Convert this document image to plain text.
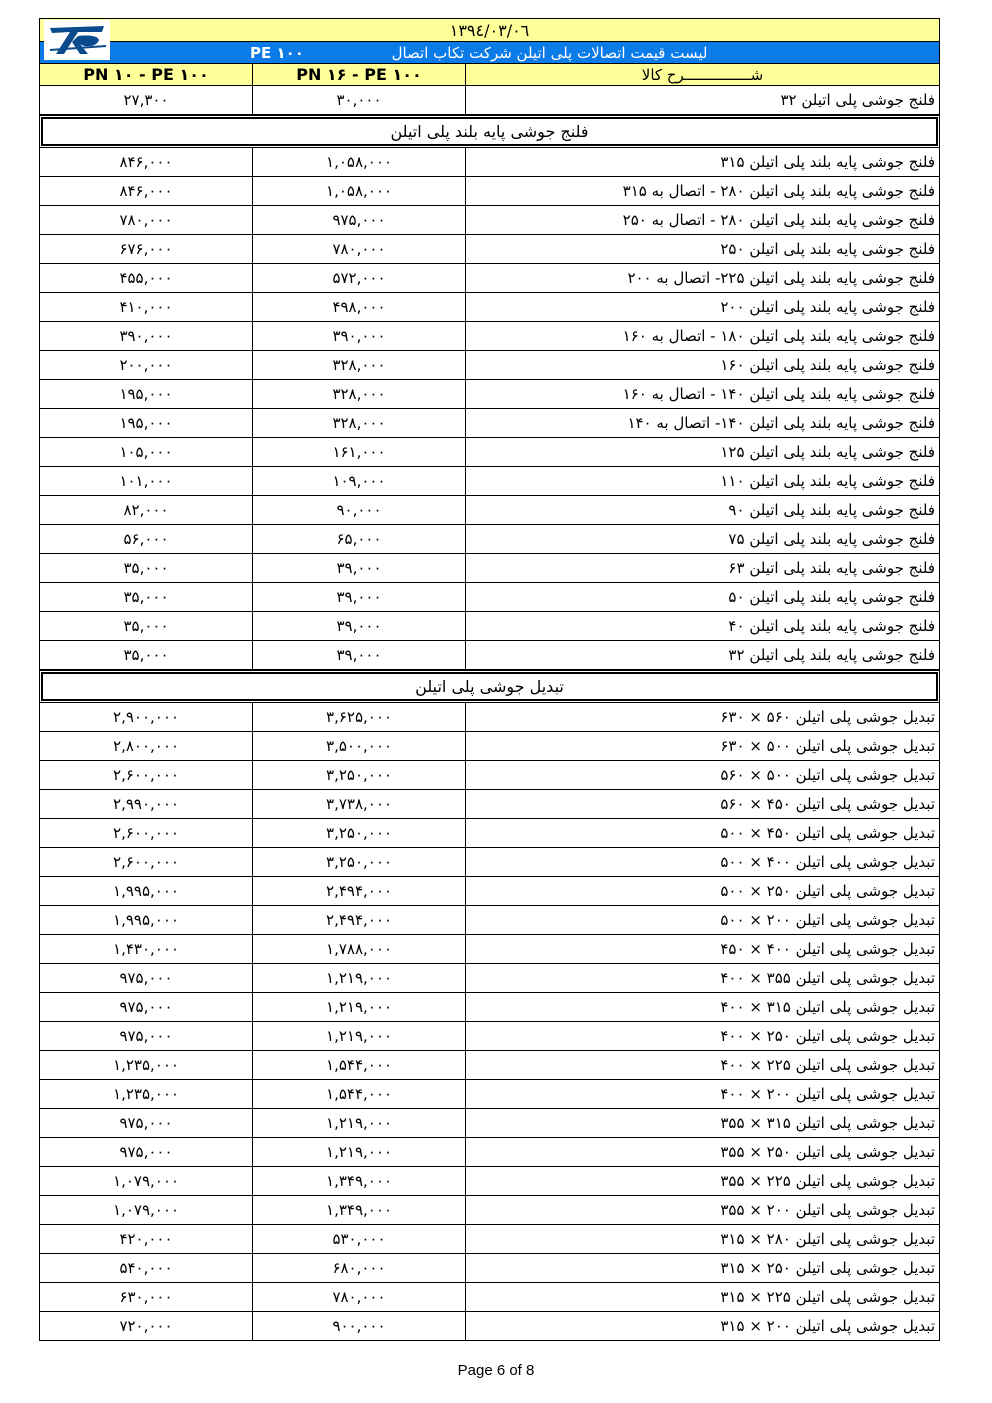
۱۳۹٤/۰۳/۰٦
PE ۱۰۰	لیست قیمت اتصالات پلی اتیلن شرکت تکاب اتصال
PN ۱۰ - PE ۱۰۰	PN ۱۶ - PE ۱۰۰	شـــــــــــــــرح کالا
۲۷,۳۰۰	۳۰,۰۰۰	فلنج جوشی پلی اتیلن ۳۲
فلنج جوشی پایه بلند پلی اتیلن
۸۴۶,۰۰۰	۱,۰۵۸,۰۰۰	فلنج جوشی پایه بلند پلی اتیلن ۳۱۵
۸۴۶,۰۰۰	۱,۰۵۸,۰۰۰	فلنج جوشی پایه بلند پلی اتیلن ۲۸۰ - اتصال به ۳۱۵
۷۸۰,۰۰۰	۹۷۵,۰۰۰	فلنج جوشی پایه بلند پلی اتیلن ۲۸۰ - اتصال به ۲۵۰
۶۷۶,۰۰۰	۷۸۰,۰۰۰	فلنج جوشی پایه بلند پلی اتیلن ۲۵۰
۴۵۵,۰۰۰	۵۷۲,۰۰۰	فلنج جوشی پایه بلند پلی اتیلن ۲۲۵- اتصال به ۲۰۰
۴۱۰,۰۰۰	۴۹۸,۰۰۰	فلنج جوشی پایه بلند پلی اتیلن ۲۰۰
۳۹۰,۰۰۰	۳۹۰,۰۰۰	فلنج جوشی پایه بلند پلی اتیلن ۱۸۰ - اتصال به ۱۶۰
۲۰۰,۰۰۰	۳۲۸,۰۰۰	فلنج جوشی پایه بلند پلی اتیلن ۱۶۰
۱۹۵,۰۰۰	۳۲۸,۰۰۰	فلنج جوشی پایه بلند پلی اتیلن ۱۴۰ - اتصال به ۱۶۰
۱۹۵,۰۰۰	۳۲۸,۰۰۰	فلنج جوشی پایه بلند پلی اتیلن ۱۴۰- اتصال به ۱۴۰
۱۰۵,۰۰۰	۱۶۱,۰۰۰	فلنج جوشی پایه بلند پلی اتیلن ۱۲۵
۱۰۱,۰۰۰	۱۰۹,۰۰۰	فلنج جوشی پایه بلند پلی اتیلن ۱۱۰
۸۲,۰۰۰	۹۰,۰۰۰	فلنج جوشی پایه بلند پلی اتیلن ۹۰
۵۶,۰۰۰	۶۵,۰۰۰	فلنج جوشی پایه بلند پلی اتیلن ۷۵
۳۵,۰۰۰	۳۹,۰۰۰	فلنج جوشی پایه بلند پلی اتیلن ۶۳
۳۵,۰۰۰	۳۹,۰۰۰	فلنج جوشی پایه بلند پلی اتیلن ۵۰
۳۵,۰۰۰	۳۹,۰۰۰	فلنج جوشی پایه بلند پلی اتیلن ۴۰
۳۵,۰۰۰	۳۹,۰۰۰	فلنج جوشی پایه بلند پلی اتیلن ۳۲
تبدیل جوشی پلی اتیلن
۲,۹۰۰,۰۰۰	۳,۶۲۵,۰۰۰	تبدیل جوشی پلی اتیلن ۵۶۰ × ۶۳۰
۲,۸۰۰,۰۰۰	۳,۵۰۰,۰۰۰	تبدیل جوشی پلی اتیلن ۵۰۰ × ۶۳۰
۲,۶۰۰,۰۰۰	۳,۲۵۰,۰۰۰	تبدیل جوشی پلی اتیلن ۵۰۰ × ۵۶۰
۲,۹۹۰,۰۰۰	۳,۷۳۸,۰۰۰	تبدیل جوشی پلی اتیلن ۴۵۰ × ۵۶۰
۲,۶۰۰,۰۰۰	۳,۲۵۰,۰۰۰	تبدیل جوشی پلی اتیلن ۴۵۰ × ۵۰۰
۲,۶۰۰,۰۰۰	۳,۲۵۰,۰۰۰	تبدیل جوشی پلی اتیلن ۴۰۰ × ۵۰۰
۱,۹۹۵,۰۰۰	۲,۴۹۴,۰۰۰	تبدیل جوشی پلی اتیلن ۲۵۰ × ۵۰۰
۱,۹۹۵,۰۰۰	۲,۴۹۴,۰۰۰	تبدیل جوشی پلی اتیلن ۲۰۰ × ۵۰۰
۱,۴۳۰,۰۰۰	۱,۷۸۸,۰۰۰	تبدیل جوشی پلی اتیلن ۴۰۰ × ۴۵۰
۹۷۵,۰۰۰	۱,۲۱۹,۰۰۰	تبدیل جوشی پلی اتیلن ۳۵۵ × ۴۰۰
۹۷۵,۰۰۰	۱,۲۱۹,۰۰۰	تبدیل جوشی پلی اتیلن ۳۱۵ × ۴۰۰
۹۷۵,۰۰۰	۱,۲۱۹,۰۰۰	تبدیل جوشی پلی اتیلن ۲۵۰ × ۴۰۰
۱,۲۳۵,۰۰۰	۱,۵۴۴,۰۰۰	تبدیل جوشی پلی اتیلن ۲۲۵ × ۴۰۰
۱,۲۳۵,۰۰۰	۱,۵۴۴,۰۰۰	تبدیل جوشی پلی اتیلن ۲۰۰ × ۴۰۰
۹۷۵,۰۰۰	۱,۲۱۹,۰۰۰	تبدیل جوشی پلی اتیلن ۳۱۵ × ۳۵۵
۹۷۵,۰۰۰	۱,۲۱۹,۰۰۰	تبدیل جوشی پلی اتیلن ۲۵۰ × ۳۵۵
۱,۰۷۹,۰۰۰	۱,۳۴۹,۰۰۰	تبدیل جوشی پلی اتیلن ۲۲۵ × ۳۵۵
۱,۰۷۹,۰۰۰	۱,۳۴۹,۰۰۰	تبدیل جوشی پلی اتیلن ۲۰۰ × ۳۵۵
۴۲۰,۰۰۰	۵۳۰,۰۰۰	تبدیل جوشی پلی اتیلن ۲۸۰ × ۳۱۵
۵۴۰,۰۰۰	۶۸۰,۰۰۰	تبدیل جوشی پلی اتیلن ۲۵۰ × ۳۱۵
۶۳۰,۰۰۰	۷۸۰,۰۰۰	تبدیل جوشی پلی اتیلن ۲۲۵ × ۳۱۵
۷۲۰,۰۰۰	۹۰۰,۰۰۰	تبدیل جوشی پلی اتیلن ۲۰۰ × ۳۱۵
Page 6 of 8
